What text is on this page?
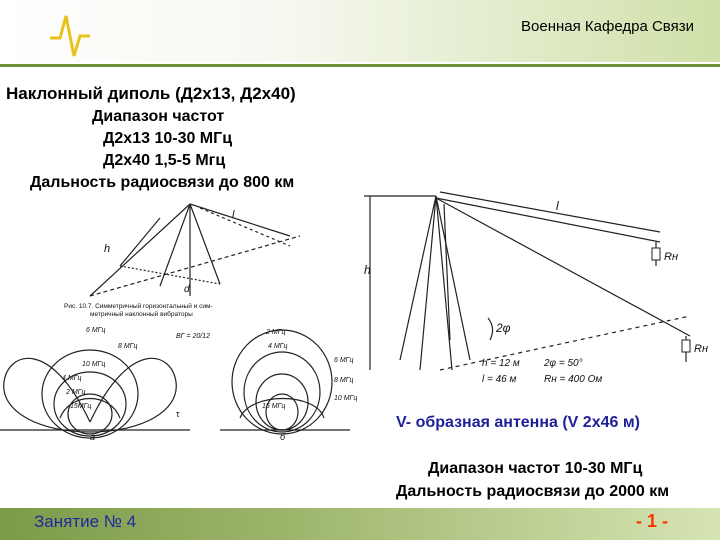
Военная Кафедра Связи
Наклонный диполь (Д2х13, Д2х40)
Диапазон частот
Д2х13 10-30 МГц
Д2х40 1,5-5 Мгц
Дальность радиосвязи до 800 км
h
l
d
Рис. 10.7. Симметричный горизонтальный и сим-
метричный наклонный вибраторы
6 МГц
8 МГц
10 МГц
4 МГц
2 МГц
15МГц
ВГ = 20/12
τ
а
2 МГц
4 МГц
6 МГц
8 МГц
10 МГц
15 МГц
б
h
l
Rн
Rн
2φ
h = 12 м
l = 46 м
2φ = 50°
Rн = 400 Ом
V- образная антенна (V 2х46 м)
Диапазон частот 10-30 МГц
Дальность радиосвязи до 2000 км
Занятие № 4	- 1 -
